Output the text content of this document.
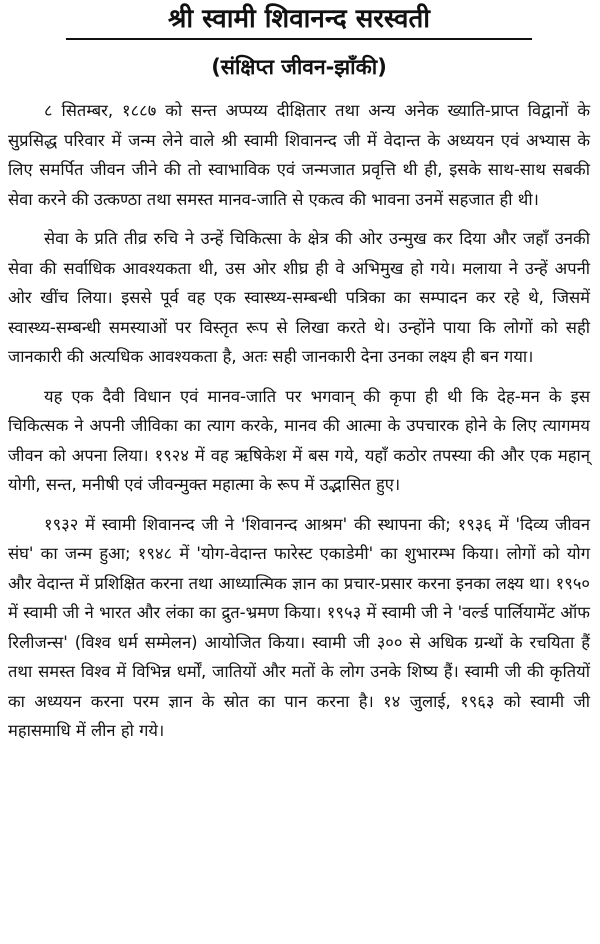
श्री स्वामी शिवानन्द सरस्वती
(संक्षिप्त जीवन-झाँकी)

८ सितम्बर, १८८७ को सन्त अप्पय्य दीक्षितार तथा अन्य अनेक ख्याति-प्राप्त विद्वानों के सुप्रसिद्ध परिवार में जन्म लेने वाले श्री स्वामी शिवानन्द जी में वेदान्त के अध्ययन एवं अभ्यास के लिए समर्पित जीवन जीने की तो स्वाभाविक एवं जन्मजात प्रवृत्ति थी ही, इसके साथ-साथ सबकी सेवा करने की उत्कण्ठा तथा समस्त मानव-जाति से एकत्व की भावना उनमें सहजात ही थी।

सेवा के प्रति तीव्र रुचि ने उन्हें चिकित्सा के क्षेत्र की ओर उन्मुख कर दिया और जहाँ उनकी सेवा की सर्वाधिक आवश्यकता थी, उस ओर शीघ्र ही वे अभिमुख हो गये। मलाया ने उन्हें अपनी ओर खींच लिया। इससे पूर्व वह एक स्वास्थ्य-सम्बन्धी पत्रिका का सम्पादन कर रहे थे, जिसमें स्वास्थ्य-सम्बन्धी समस्याओं पर विस्तृत रूप से लिखा करते थे। उन्होंने पाया कि लोगों को सही जानकारी की अत्यधिक आवश्यकता है, अतः सही जानकारी देना उनका लक्ष्य ही बन गया।

यह एक दैवी विधान एवं मानव-जाति पर भगवान् की कृपा ही थी कि देह-मन के इस चिकित्सक ने अपनी जीविका का त्याग करके, मानव की आत्मा के उपचारक होने के लिए त्यागमय जीवन को अपना लिया। १९२४ में वह ऋषिकेश में बस गये, यहाँ कठोर तपस्या की और एक महान् योगी, सन्त, मनीषी एवं जीवन्मुक्त महात्मा के रूप में उद्भासित हुए।

१९३२ में स्वामी शिवानन्द जी ने 'शिवानन्द आश्रम' की स्थापना की; १९३६ में 'दिव्य जीवन संघ' का जन्म हुआ; १९४८ में 'योग-वेदान्त फारेस्ट एकाडेमी' का शुभारम्भ किया। लोगों को योग और वेदान्त में प्रशिक्षित करना तथा आध्यात्मिक ज्ञान का प्रचार-प्रसार करना इनका लक्ष्य था। १९५० में स्वामी जी ने भारत और लंका का द्रुत-भ्रमण किया। १९५३ में स्वामी जी ने 'वर्ल्ड पार्लियामेंट ऑफ रिलीजन्स' (विश्व धर्म सम्मेलन) आयोजित किया। स्वामी जी ३०० से अधिक ग्रन्थों के रचयिता हैं तथा समस्त विश्व में विभिन्न धर्मों, जातियों और मतों के लोग उनके शिष्य हैं। स्वामी जी की कृतियों का अध्ययन करना परम ज्ञान के स्रोत का पान करना है। १४ जुलाई, १९६३ को स्वामी जी महासमाधि में लीन हो गये।
